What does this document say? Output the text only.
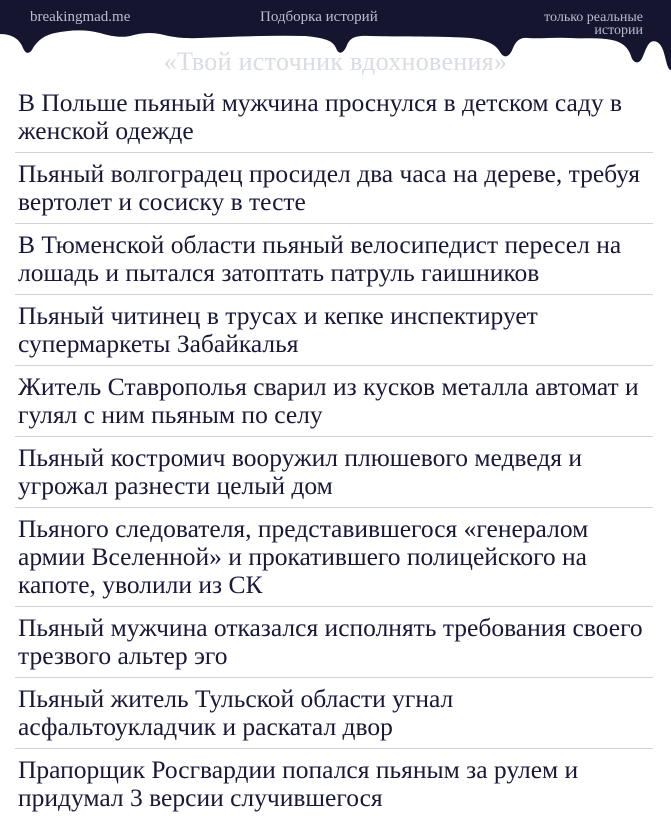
breakingmad.me	Подборка историй	только реальные истории
«Твой источник вдохновения»
В Польше пьяный мужчина проснулся в детском саду в женской одежде
Пьяный волгоградец просидел два часа на дереве, требуя вертолет и сосиску в тесте
В Тюменской области пьяный велосипедист пересел на лошадь и пытался затоптать патруль гаишников
Пьяный читинец в трусах и кепке инспектирует супермаркеты Забайкалья
Житель Ставрополья сварил из кусков металла автомат и гулял с ним пьяным по селу
Пьяный костромич вооружил плюшевого медведя и угрожал разнести целый дом
Пьяного следователя, представившегося «генералом армии Вселенной» и прокатившего полицейского на капоте, уволили из СК
Пьяный мужчина отказался исполнять требования своего трезвого альтер эго
Пьяный житель Тульской области угнал асфальтоукладчик и раскатал двор
Прапорщик Росгвардии попался пьяным за рулем и придумал 3 версии случившегося
